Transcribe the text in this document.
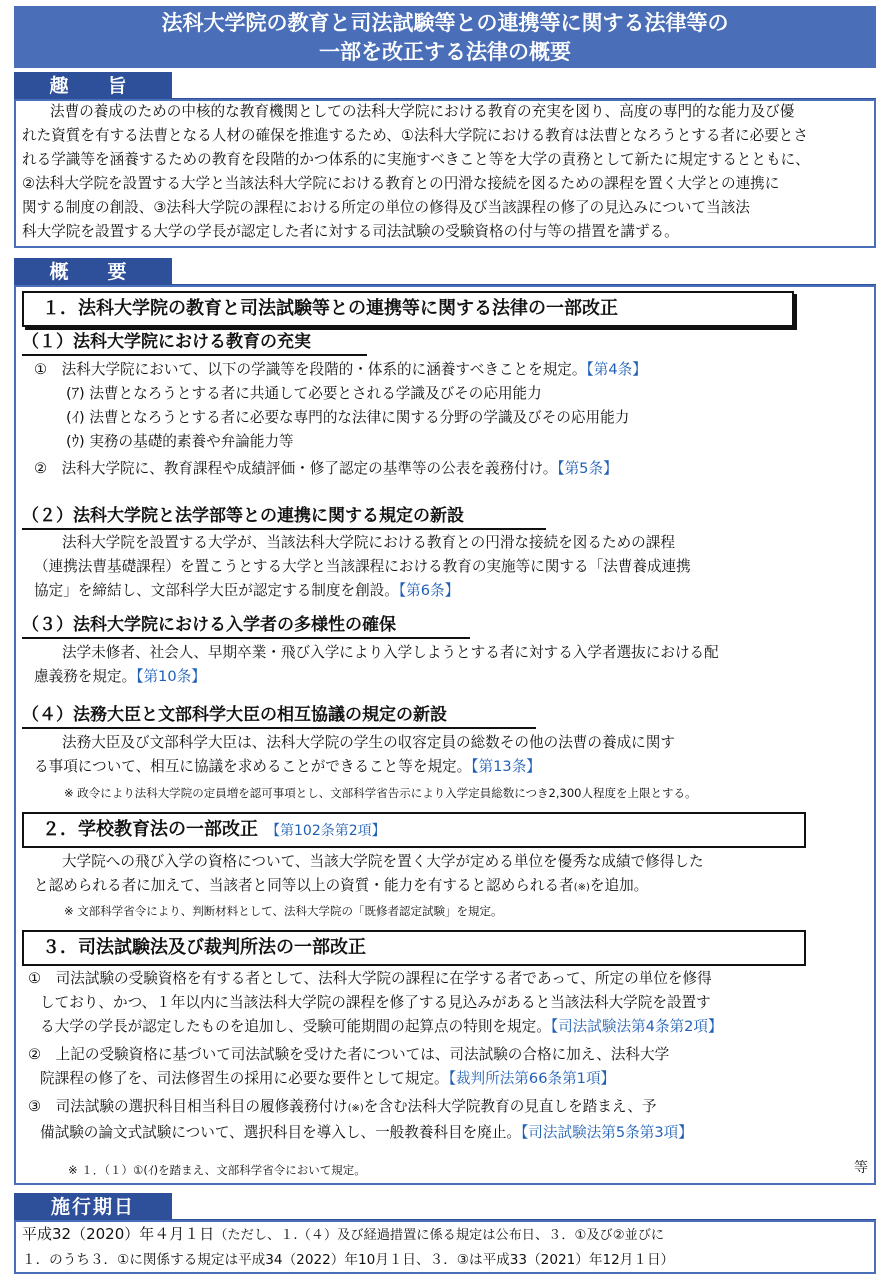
法科大学院の教育と司法試験等との連携等に関する法律等の
一部を改正する法律の概要
趣　旨
法曹の養成のための中核的な教育機関としての法科大学院における教育の充実を図り、高度の専門的な能力及び優
れた資質を有する法曹となる人材の確保を推進するため、①法科大学院における教育は法曹となろうとする者に必要とさ
れる学識等を涵養するための教育を段階的かつ体系的に実施すべきこと等を大学の責務として新たに規定するとともに、
②法科大学院を設置する大学と当該法科大学院における教育との円滑な接続を図るための課程を置く大学との連携に
関する制度の創設、③法科大学院の課程における所定の単位の修得及び当該課程の修了の見込みについて当該法
科大学院を設置する大学の学長が認定した者に対する司法試験の受験資格の付与等の措置を講ずる。
概　要
１．法科大学院の教育と司法試験等との連携等に関する法律の一部改正
（１）法科大学院における教育の充実
①　法科大学院において、以下の学識等を段階的・体系的に涵養すべきことを規定。【第4条】
(ｱ) 法曹となろうとする者に共通して必要とされる学識及びその応用能力
(ｲ) 法曹となろうとする者に必要な専門的な法律に関する分野の学識及びその応用能力
(ｳ) 実務の基礎的素養や弁論能力等
②　法科大学院に、教育課程や成績評価・修了認定の基準等の公表を義務付け。【第5条】
（２）法科大学院と法学部等との連携に関する規定の新設
法科大学院を設置する大学が、当該法科大学院における教育との円滑な接続を図るための課程
（連携法曹基礎課程）を置こうとする大学と当該課程における教育の実施等に関する「法曹養成連携
協定」を締結し、文部科学大臣が認定する制度を創設。【第6条】
（３）法科大学院における入学者の多様性の確保
法学未修者、社会人、早期卒業・飛び入学により入学しようとする者に対する入学者選抜における配
慮義務を規定。【第10条】
（４）法務大臣と文部科学大臣の相互協議の規定の新設
法務大臣及び文部科学大臣は、法科大学院の学生の収容定員の総数その他の法曹の養成に関す
る事項について、相互に協議を求めることができること等を規定。【第13条】
※ 政令により法科大学院の定員増を認可事項とし、文部科学省告示により入学定員総数につき2,300人程度を上限とする。
２．学校教育法の一部改正 【第102条第2項】
大学院への飛び入学の資格について、当該大学院を置く大学が定める単位を優秀な成績で修得した
と認められる者に加えて、当該者と同等以上の資質・能力を有すると認められる者(※)を追加。
※ 文部科学省令により、判断材料として、法科大学院の「既修者認定試験」を規定。
３．司法試験法及び裁判所法の一部改正
①　司法試験の受験資格を有する者として、法科大学院の課程に在学する者であって、所定の単位を修得
しており、かつ、１年以内に当該法科大学院の課程を修了する見込みがあると当該法科大学院を設置す
る大学の学長が認定したものを追加し、受験可能期間の起算点の特則を規定。【司法試験法第4条第2項】
②　上記の受験資格に基づいて司法試験を受けた者については、司法試験の合格に加え、法科大学
院課程の修了を、司法修習生の採用に必要な要件として規定。【裁判所法第66条第1項】
③　司法試験の選択科目相当科目の履修義務付け(※)を含む法科大学院教育の見直しを踏まえ、予
備試験の論文式試験について、選択科目を導入し、一般教養科目を廃止。【司法試験法第5条第3項】
※ １．（１）①(ｲ)を踏まえ、文部科学省令において規定。	等
施行期日
平成32（2020）年４月１日（ただし、１.（４）及び経過措置に係る規定は公布日、３．①及び②並びに
１．のうち３．①に関係する規定は平成34（2022）年10月１日、３．③は平成33（2021）年12月１日）
